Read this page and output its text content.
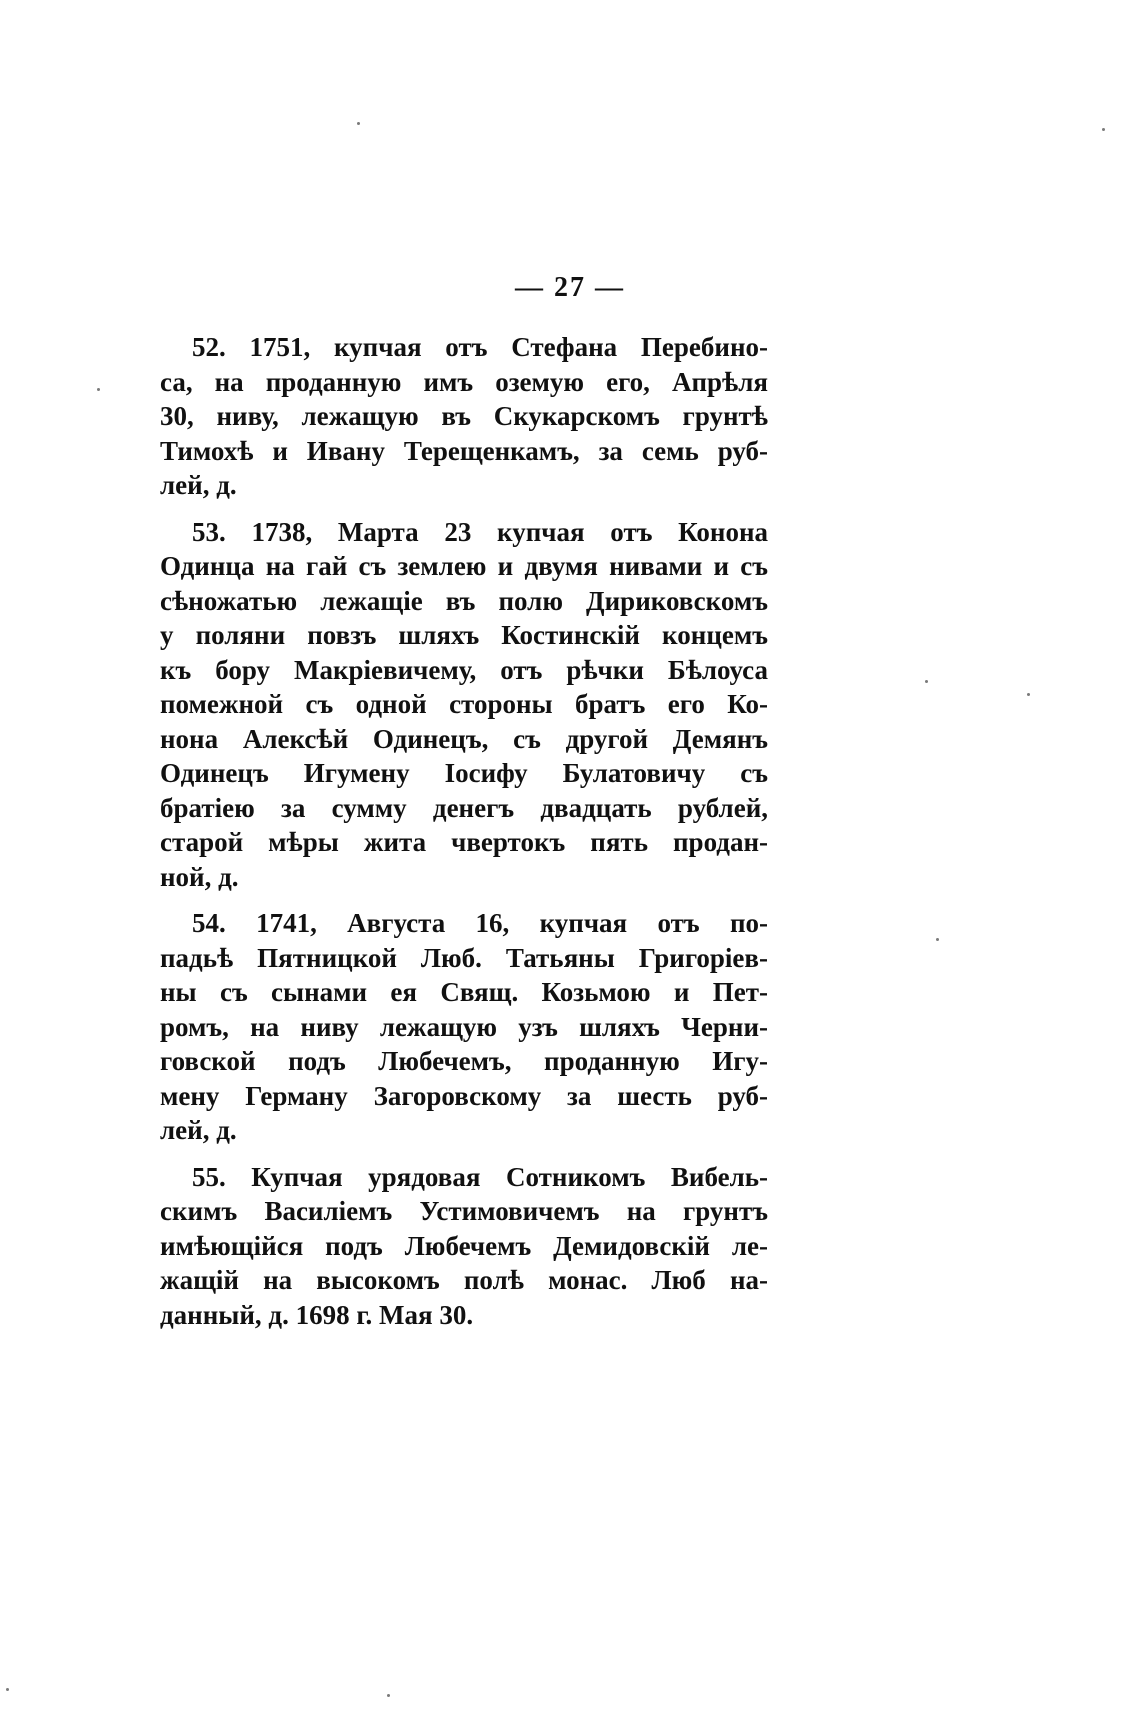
— 27 —

52. 1751, купчая отъ Стефана Перебино-
са, на проданную имъ оземую его, Апрѣля
30, ниву, лежащую въ Скукарскомъ грунтѣ
Тимохѣ и Ивану Терещенкамъ, за семь руб-
лей, д.

53. 1738, Марта 23 купчая отъ Конона
Одинца на гай съ землею и двумя нивами и съ
сѣножатью лежащіе въ полю Дириковскомъ
у поляни повзъ шляхъ Костинскій концемъ
къ бору Макріевичему, отъ рѣчки Бѣлоуса
помежной съ одной стороны братъ его Ко-
нона Алексѣй Одинецъ, съ другой Демянъ
Одинецъ Игумену Іосифу Булатовичу съ
братіею за сумму денегъ двадцать рублей,
старой мѣры жита чвертокъ пять продан-
ной, д.

54. 1741, Августа 16, купчая отъ по-
падьѣ Пятницкой Люб. Татьяны Григоріев-
ны съ сынами ея Свящ. Козьмою и Пет-
ромъ, на ниву лежащую узъ шляхъ Черни-
говской подъ Любечемъ, проданную Игу-
мену Герману Загоровскому за шесть руб-
лей, д.

55. Купчая урядовая Сотникомъ Вибель-
скимъ Василіемъ Устимовичемъ на грунтъ
имѣющійся подъ Любечемъ Демидовскій ле-
жащій на высокомъ полѣ монас. Люб на-
данный, д. 1698 г. Мая 30.
